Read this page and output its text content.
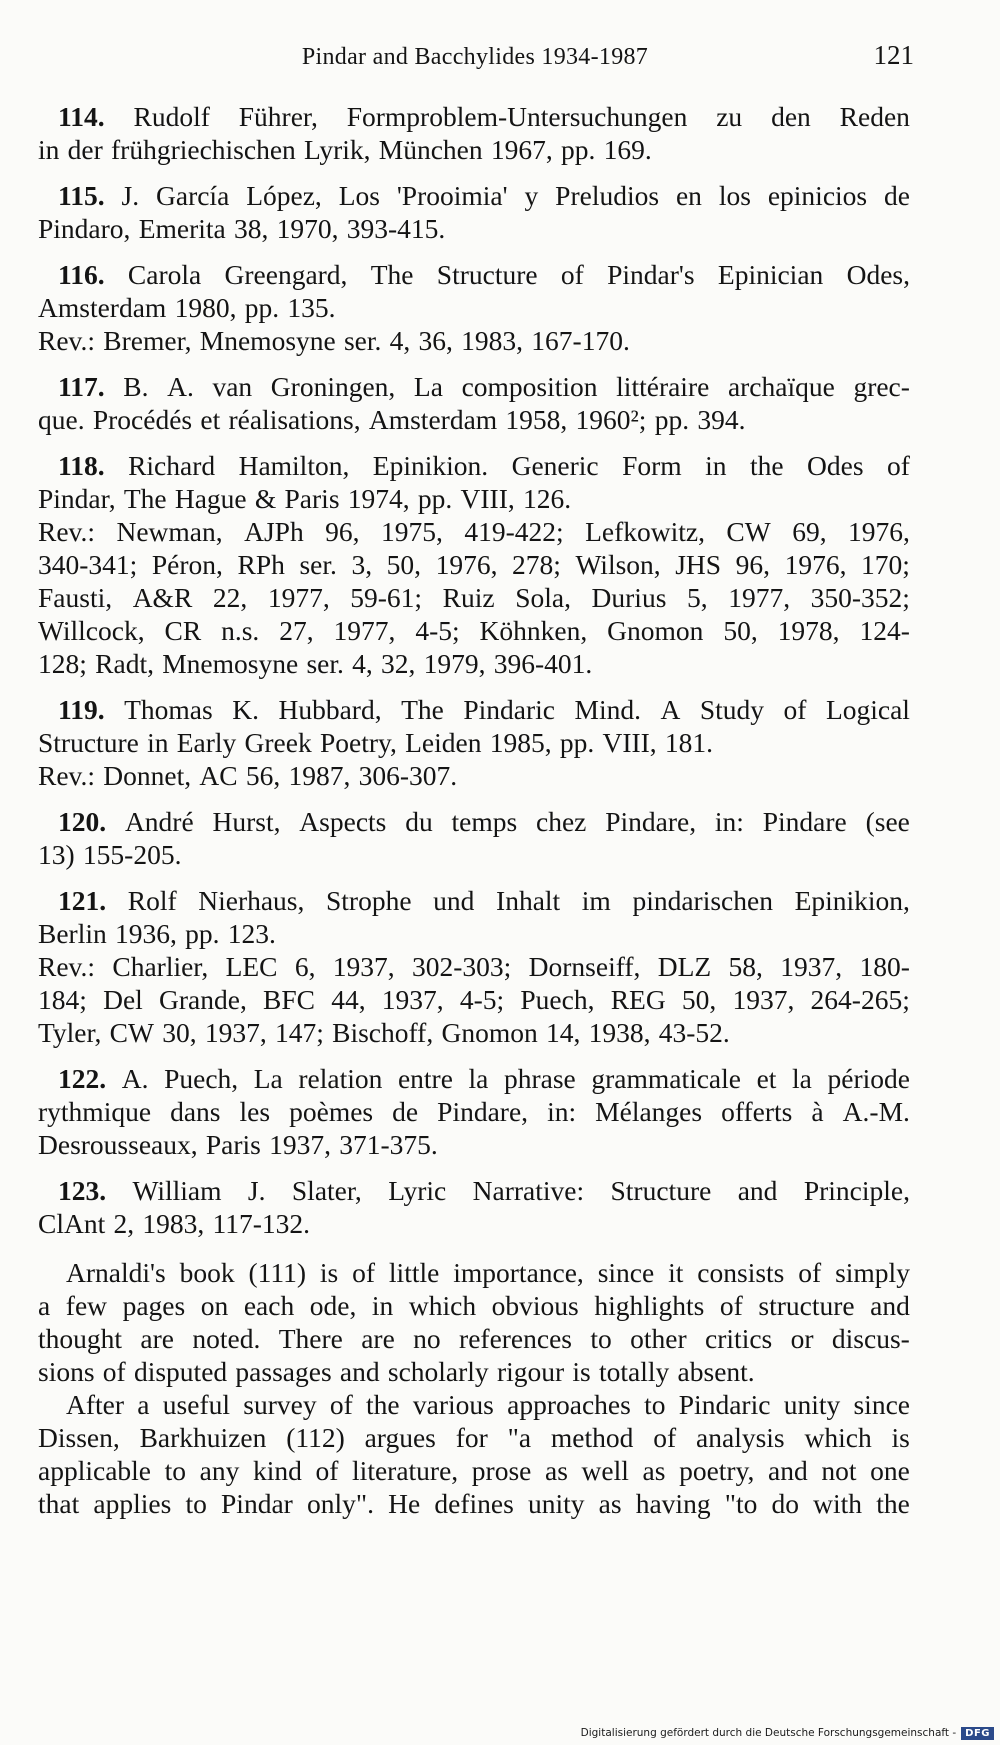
Pindar and Bacchylides 1934-1987	121
114. Rudolf Führer, Formproblem-Untersuchungen zu den Reden
in der frühgriechischen Lyrik, München 1967, pp. 169.
115. J. García López, Los 'Prooimia' y Preludios en los epinicios de
Pindaro, Emerita 38, 1970, 393-415.
116. Carola Greengard, The Structure of Pindar's Epinician Odes,
Amsterdam 1980, pp. 135.
Rev.: Bremer, Mnemosyne ser. 4, 36, 1983, 167-170.
117. B. A. van Groningen, La composition littéraire archaïque grec-
que. Procédés et réalisations, Amsterdam 1958, 1960²; pp. 394.
118. Richard Hamilton, Epinikion. Generic Form in the Odes of
Pindar, The Hague & Paris 1974, pp. VIII, 126.
Rev.: Newman, AJPh 96, 1975, 419-422; Lefkowitz, CW 69, 1976,
340-341; Péron, RPh ser. 3, 50, 1976, 278; Wilson, JHS 96, 1976, 170;
Fausti, A&R 22, 1977, 59-61; Ruiz Sola, Durius 5, 1977, 350-352;
Willcock, CR n.s. 27, 1977, 4-5; Köhnken, Gnomon 50, 1978, 124-
128; Radt, Mnemosyne ser. 4, 32, 1979, 396-401.
119. Thomas K. Hubbard, The Pindaric Mind. A Study of Logical
Structure in Early Greek Poetry, Leiden 1985, pp. VIII, 181.
Rev.: Donnet, AC 56, 1987, 306-307.
120. André Hurst, Aspects du temps chez Pindare, in: Pindare (see
13) 155-205.
121. Rolf Nierhaus, Strophe und Inhalt im pindarischen Epinikion,
Berlin 1936, pp. 123.
Rev.: Charlier, LEC 6, 1937, 302-303; Dornseiff, DLZ 58, 1937, 180-
184; Del Grande, BFC 44, 1937, 4-5; Puech, REG 50, 1937, 264-265;
Tyler, CW 30, 1937, 147; Bischoff, Gnomon 14, 1938, 43-52.
122. A. Puech, La relation entre la phrase grammaticale et la période
rythmique dans les poèmes de Pindare, in: Mélanges offerts à A.-M.
Desrousseaux, Paris 1937, 371-375.
123. William J. Slater, Lyric Narrative: Structure and Principle,
ClAnt 2, 1983, 117-132.
Arnaldi's book (111) is of little importance, since it consists of simply
a few pages on each ode, in which obvious highlights of structure and
thought are noted. There are no references to other critics or discus-
sions of disputed passages and scholarly rigour is totally absent.
After a useful survey of the various approaches to Pindaric unity since
Dissen, Barkhuizen (112) argues for "a method of analysis which is
applicable to any kind of literature, prose as well as poetry, and not one
that applies to Pindar only". He defines unity as having "to do with the
Digitalisierung gefördert durch die Deutsche Forschungsgemeinschaft - DFG
